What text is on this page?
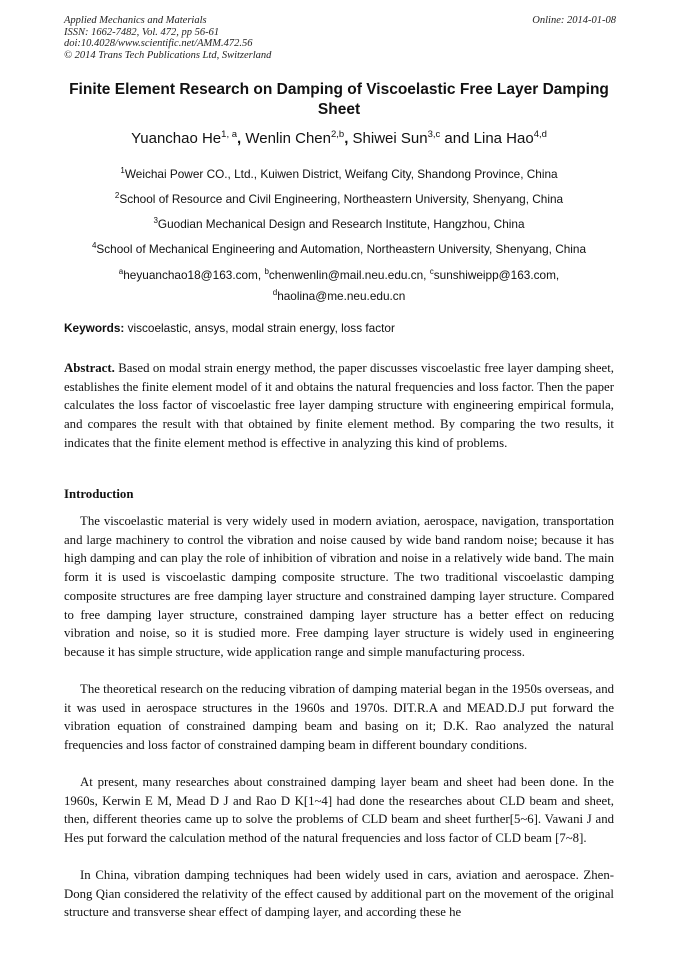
Applied Mechanics and Materials
ISSN: 1662-7482, Vol. 472, pp 56-61
doi:10.4028/www.scientific.net/AMM.472.56
© 2014 Trans Tech Publications Ltd, Switzerland
Online: 2014-01-08
Finite Element Research on Damping of Viscoelastic Free Layer Damping Sheet
Yuanchao He$^{1, a}$, Wenlin Chen$^{2,b}$, Shiwei Sun$^{3,c}$ and Lina Hao$^{4,d}$
$^1$Weichai Power CO., Ltd., Kuiwen District, Weifang City, Shandong Province, China
$^2$School of Resource and Civil Engineering, Northeastern University, Shenyang, China
$^3$Guodian Mechanical Design and Research Institute, Hangzhou, China
$^4$School of Mechanical Engineering and Automation, Northeastern University, Shenyang, China
$^a$heyuanchao18@163.com, $^b$chenwenlin@mail.neu.edu.cn, $^c$sunshiweipp@163.com,
$^d$haolina@me.neu.edu.cn
Keywords: viscoelastic, ansys, modal strain energy, loss factor
Abstract. Based on modal strain energy method, the paper discusses viscoelastic free layer damping sheet, establishes the finite element model of it and obtains the natural frequencies and loss factor. Then the paper calculates the loss factor of viscoelastic free layer damping structure with engineering empirical formula, and compares the result with that obtained by finite element method. By comparing the two results, it indicates that the finite element method is effective in analyzing this kind of problems.
Introduction
The viscoelastic material is very widely used in modern aviation, aerospace, navigation, transportation and large machinery to control the vibration and noise caused by wide band random noise; because it has high damping and can play the role of inhibition of vibration and noise in a relatively wide band. The main form it is used is viscoelastic damping composite structure. The two traditional viscoelastic damping composite structures are free damping layer structure and constrained damping layer structure. Compared to free damping layer structure, constrained damping layer structure has a better effect on reducing vibration and noise, so it is studied more. Free damping layer structure is widely used in engineering because it has simple structure, wide application range and simple manufacturing process.
The theoretical research on the reducing vibration of damping material began in the 1950s overseas, and it was used in aerospace structures in the 1960s and 1970s. DIT.R.A and MEAD.D.J put forward the vibration equation of constrained damping beam and basing on it; D.K. Rao analyzed the natural frequencies and loss factor of constrained damping beam in different boundary conditions.
At present, many researches about constrained damping layer beam and sheet had been done. In the 1960s, Kerwin E M, Mead D J and Rao D K[1~4] had done the researches about CLD beam and sheet, then, different theories came up to solve the problems of CLD beam and sheet further[5~6]. Vawani J and Hes put forward the calculation method of the natural frequencies and loss factor of CLD beam [7~8].
In China, vibration damping techniques had been widely used in cars, aviation and aerospace. Zhen-Dong Qian considered the relativity of the effect caused by additional part on the movement of the original structure and transverse shear effect of damping layer, and according these he
